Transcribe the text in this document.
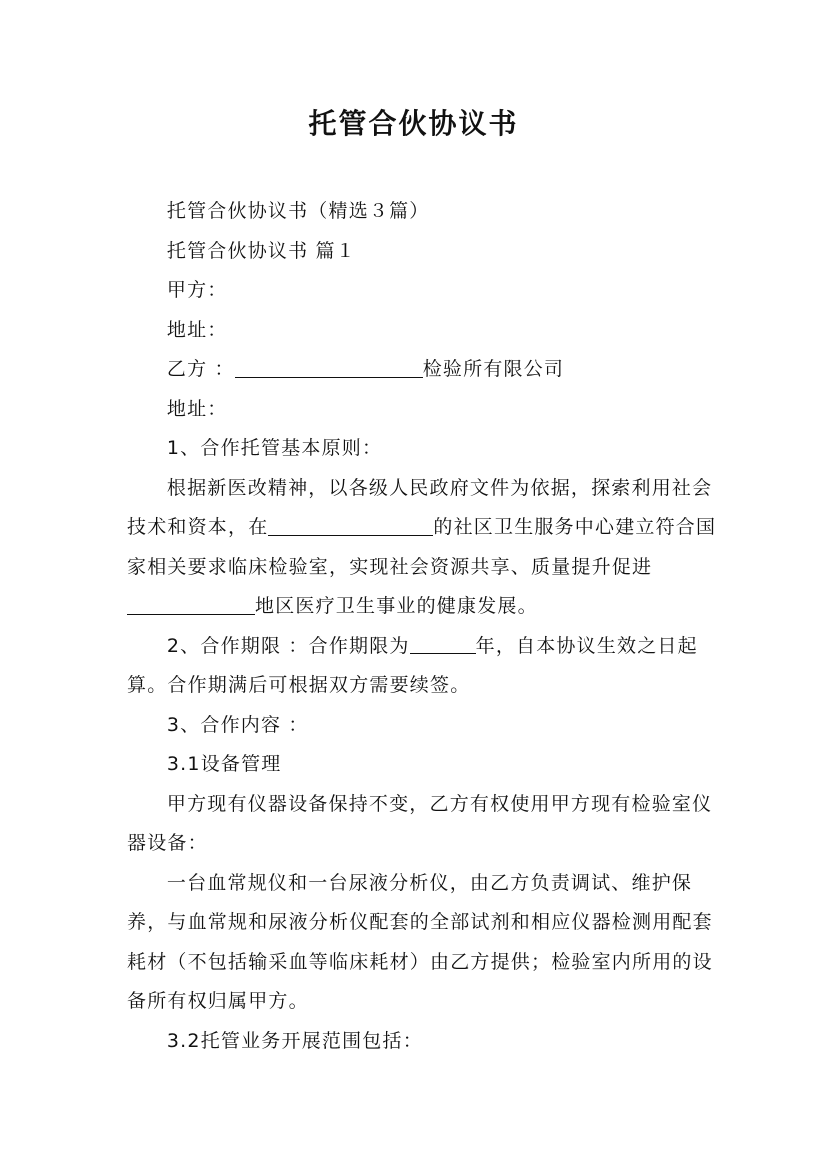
托管合伙协议书

托管合伙协议书（精选３篇）

托管合伙协议书 篇１

甲方：

地址：

乙方 ：	检验所有限公司

地址：

1、合作托管基本原则：

根据新医改精神，以各级人民政府文件为依据，探索利用社会技术和资本，在	的社区卫生服务中心建立符合国家相关要求临床检验室，实现社会资源共享、质量提升促进地区医疗卫生事业的健康发展。

2、合作期限 ：合作期限为	年，自本协议生效之日起算。合作期满后可根据双方需要续签。

3、合作内容 ：

3.1设备管理

甲方现有仪器设备保持不变，乙方有权使用甲方现有检验室仪器设备：

一台血常规仪和一台尿液分析仪，由乙方负责调试、维护保养，与血常规和尿液分析仪配套的全部试剂和相应仪器检测用配套耗材（不包括输采血等临床耗材）由乙方提供；检验室内所用的设备所有权归属甲方。

3.2托管业务开展范围包括：
